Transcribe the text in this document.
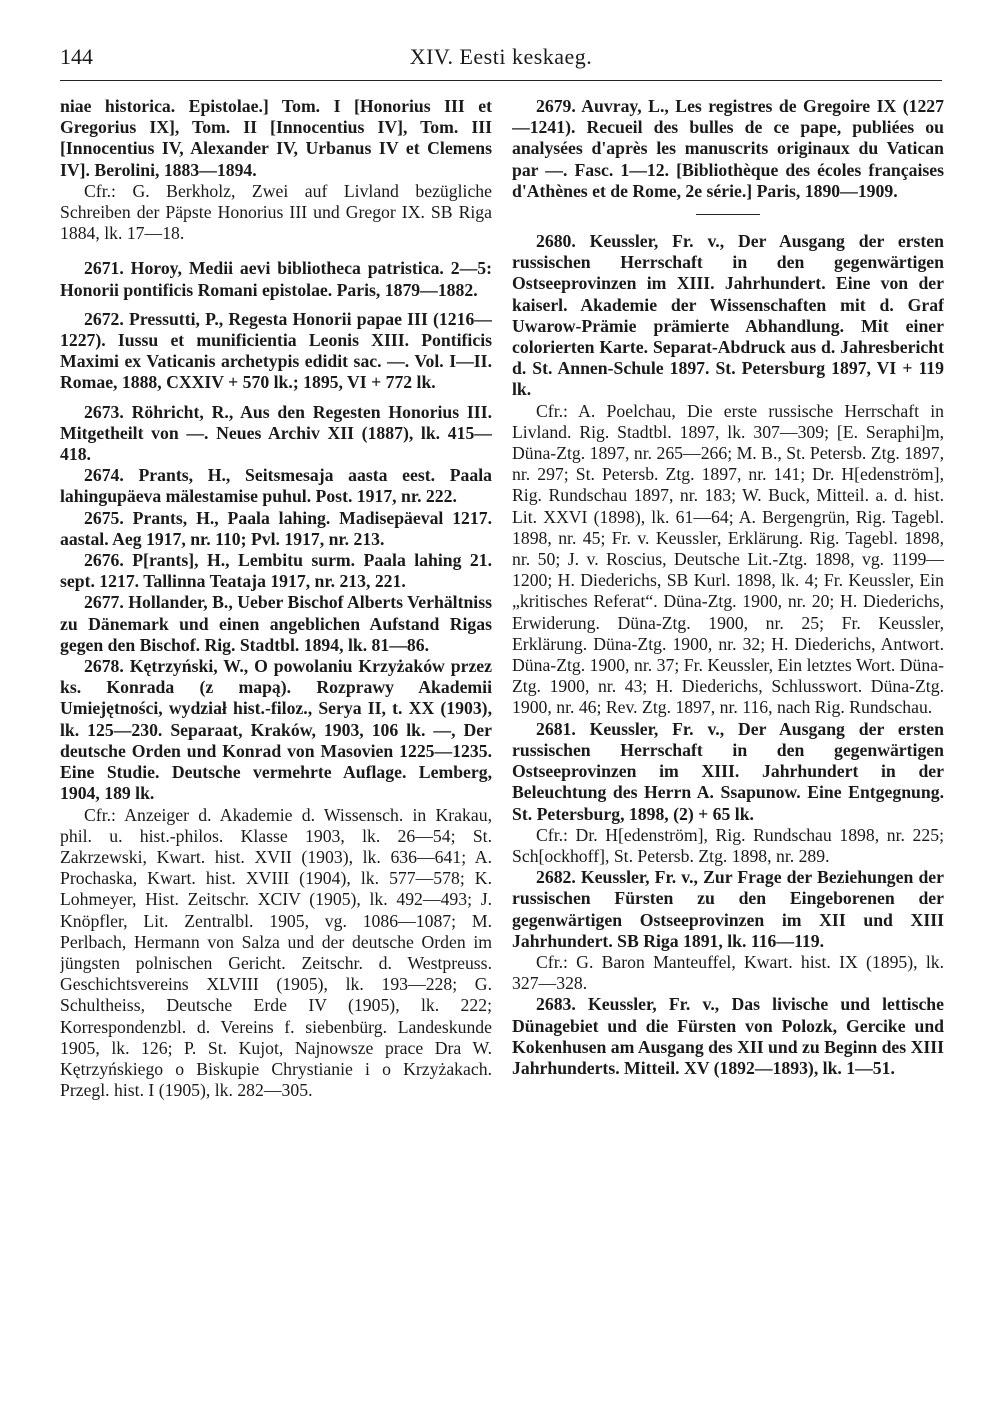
144	XIV. Eesti keskaeg.

niae historica. Epistolae.] Tom. I [Honorius III et Gregorius IX], Tom. II [Innocentius IV], Tom. III [Innocentius IV, Alexander IV, Urbanus IV et Clemens IV]. Berolini, 1883—1894.

Cfr.: G. Berkholz, Zwei auf Livland bezügliche Schreiben der Päpste Honorius III und Gregor IX. SB Riga 1884, lk. 17—18.

2671. Horoy, Medii aevi bibliotheca patristica. 2—5: Honorii pontificis Romani epistolae. Paris, 1879—1882.

2672. Pressutti, P., Regesta Honorii papae III (1216—1227). Iussu et munificientia Leonis XIII. Pontificis Maximi ex Vaticanis archetypis edidit sac. —. Vol. I—II. Romae, 1888, CXXIV + 570 lk.; 1895, VI + 772 lk.

2673. Röhricht, R., Aus den Regesten Honorius III. Mitgetheilt von —. Neues Archiv XII (1887), lk. 415—418.

2674. Prants, H., Seitsmesaja aasta eest. Paala lahingupäeva mälestamise puhul. Post. 1917, nr. 222.

2675. Prants, H., Paala lahing. Madisepäeval 1217. aastal. Aeg 1917, nr. 110; Pvl. 1917, nr. 213.

2676. P[rants], H., Lembitu surm. Paala lahing 21. sept. 1217. Tallinna Teataja 1917, nr. 213, 221.

2677. Hollander, B., Ueber Bischof Alberts Verhältniss zu Dänemark und einen angeblichen Aufstand Rigas gegen den Bischof. Rig. Stadtbl. 1894, lk. 81—86.

2678. Kętrzyński, W., O powolaniu Krzyżaków przez ks. Konrada (z mapą). Rozprawy Akademii Umiejętności, wydział hist.-filoz., Serya II, t. XX (1903), lk. 125—230. Separaat, Kraków, 1903, 106 lk. —, Der deutsche Orden und Konrad von Masovien 1225—1235. Eine Studie. Deutsche vermehrte Auflage. Lemberg, 1904, 189 lk.

Cfr.: Anzeiger d. Akademie d. Wissensch. in Krakau, phil. u. hist.-philos. Klasse 1903, lk. 26—54; St. Zakrzewski, Kwart. hist. XVII (1903), lk. 636—641; A. Prochaska, Kwart. hist. XVIII (1904), lk. 577—578; K. Lohmeyer, Hist. Zeitschr. XCIV (1905), lk. 492—493; J. Knöpfler, Lit. Zentralbl. 1905, vg. 1086—1087; M. Perlbach, Hermann von Salza und der deutsche Orden im jüngsten polnischen Gericht. Zeitschr. d. Westpreuss. Geschichtsvereins XLVIII (1905), lk. 193—228; G. Schultheiss, Deutsche Erde IV (1905), lk. 222; Korrespondenzbl. d. Vereins f. siebenbürg. Landeskunde 1905, lk. 126; P. St. Kujot, Najnowsze prace Dra W. Kętrzyńskiego o Biskupie Chrystianie i o Krzyżakach. Przegl. hist. I (1905), lk. 282—305.

2679. Auvray, L., Les registres de Gregoire IX (1227—1241). Recueil des bulles de ce pape, publiées ou analysées d'après les manuscrits originaux du Vatican par —. Fasc. 1—12. [Bibliothèque des écoles françaises d'Athènes et de Rome, 2e série.] Paris, 1890—1909.

2680. Keussler, Fr. v., Der Ausgang der ersten russischen Herrschaft in den gegenwärtigen Ostseeprovinzen im XIII. Jahrhundert. Eine von der kaiserl. Akademie der Wissenschaften mit d. Graf Uwarow-Prämie prämierte Abhandlung. Mit einer colorierten Karte. Separat-Abdruck aus d. Jahresbericht d. St. Annen-Schule 1897. St. Petersburg 1897, VI + 119 lk.

Cfr.: A. Poelchau, Die erste russische Herrschaft in Livland. Rig. Stadtbl. 1897, lk. 307—309; [E. Seraphi]m, Düna-Ztg. 1897, nr. 265—266; M. B., St. Petersb. Ztg. 1897, nr. 297; St. Petersb. Ztg. 1897, nr. 141; Dr. H[edenström], Rig. Rundschau 1897, nr. 183; W. Buck, Mitteil. a. d. hist. Lit. XXVI (1898), lk. 61—64; A. Bergengrün, Rig. Tagebl. 1898, nr. 45; Fr. v. Keussler, Erklärung. Rig. Tagebl. 1898, nr. 50; J. v. Roscius, Deutsche Lit.-Ztg. 1898, vg. 1199—1200; H. Diederichs, SB Kurl. 1898, lk. 4; Fr. Keussler, Ein „kritisches Referat“. Düna-Ztg. 1900, nr. 20; H. Diederichs, Erwiderung. Düna-Ztg. 1900, nr. 25; Fr. Keussler, Erklärung. Düna-Ztg. 1900, nr. 32; H. Diederichs, Antwort. Düna-Ztg. 1900, nr. 37; Fr. Keussler, Ein letztes Wort. Düna-Ztg. 1900, nr. 43; H. Diederichs, Schlusswort. Düna-Ztg. 1900, nr. 46; Rev. Ztg. 1897, nr. 116, nach Rig. Rundschau.

2681. Keussler, Fr. v., Der Ausgang der ersten russischen Herrschaft in den gegenwärtigen Ostseeprovinzen im XIII. Jahrhundert in der Beleuchtung des Herrn A. Ssapunow. Eine Entgegnung. St. Petersburg, 1898, (2) + 65 lk.

Cfr.: Dr. H[edenström], Rig. Rundschau 1898, nr. 225; Sch[ockhoff], St. Petersb. Ztg. 1898, nr. 289.

2682. Keussler, Fr. v., Zur Frage der Beziehungen der russischen Fürsten zu den Eingeborenen der gegenwärtigen Ostseeprovinzen im XII und XIII Jahrhundert. SB Riga 1891, lk. 116—119.

Cfr.: G. Baron Manteuffel, Kwart. hist. IX (1895), lk. 327—328.

2683. Keussler, Fr. v., Das livische und lettische Dünagebiet und die Fürsten von Polozk, Gercike und Kokenhusen am Ausgang des XII und zu Beginn des XIII Jahrhunderts. Mitteil. XV (1892—1893), lk. 1—51.
